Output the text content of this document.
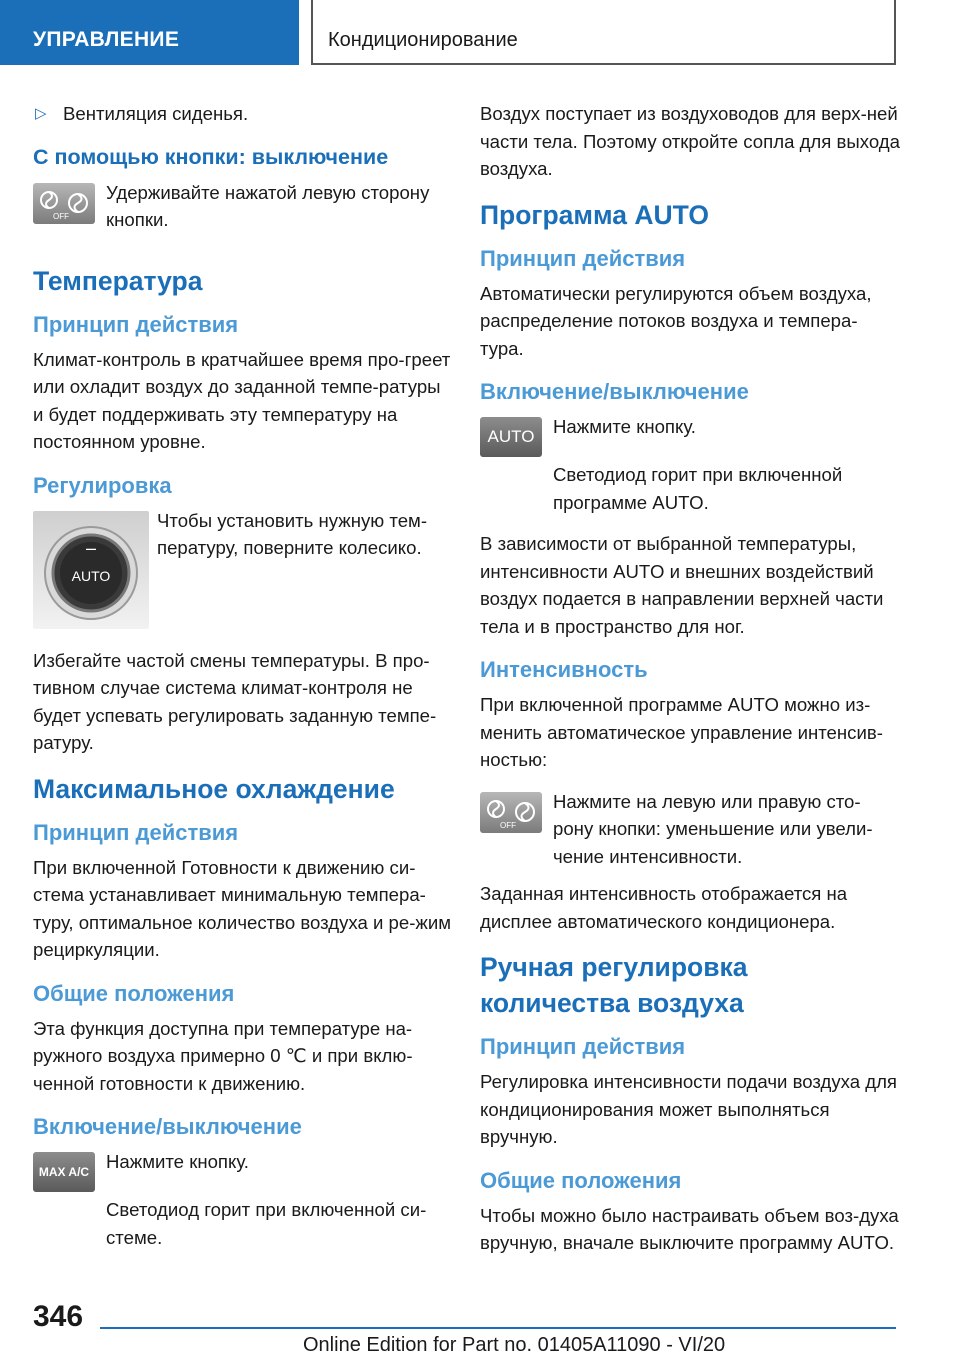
УПРАВЛЕНИЕ	Кондиционирование

▷ Вентиляция сиденья.

С помощью кнопки: выключение
OFF

Удерживайте нажатой левую сторону кнопки.

Температура
Принцип действия

Климат-контроль в кратчайшее время про-греет или охладит воздух до заданной темпе-ратуры и будет поддерживать эту температуру на постоянном уровне.

Регулировка
–
AUTO

Чтобы установить нужную тем-пературу, поверните колесико.

Избегайте частой смены температуры. В про-тивном случае система климат-контроля не будет успевать регулировать заданную темпе-ратуру.

Максимальное охлаждение
Принцип действия

При включенной Готовности к движению си-стема устанавливает минимальную темпера-туру, оптимальное количество воздуха и ре-жим рециркуляции.

Общие положения

Эта функция доступна при температуре на-ружного воздуха примерно 0 ℃ и при вклю-ченной готовности к движению.

Включение/выключение
MAX A/C Нажмите кнопку.

Светодиод горит при включенной си-стеме.

Воздух поступает из воздуховодов для верх-ней части тела. Поэтому откройте сопла для выхода воздуха.

Программа AUTO
Принцип действия

Автоматически регулируются объем воздуха, распределение потоков воздуха и темпера-тура.

Включение/выключение
AUTO Нажмите кнопку.

Светодиод горит при включенной программе AUTO.

В зависимости от выбранной температуры, интенсивности AUTO и внешних воздействий воздух подается в направлении верхней части тела и в пространство для ног.

Интенсивность

При включенной программе AUTO можно из-менить автоматическое управление интенсив-ностью:

OFF

Нажмите на левую или правую сто-рону кнопки: уменьшение или увели-чение интенсивности.

Заданная интенсивность отображается на дисплее автоматического кондиционера.

Ручная регулировка количества воздуха
Принцип действия

Регулировка интенсивности подачи воздуха для кондиционирования может выполняться вручную.

Общие положения

Чтобы можно было настраивать объем воз-духа вручную, вначале выключите программу AUTO.

346
Online Edition for Part no. 01405A11090 - VI/20
